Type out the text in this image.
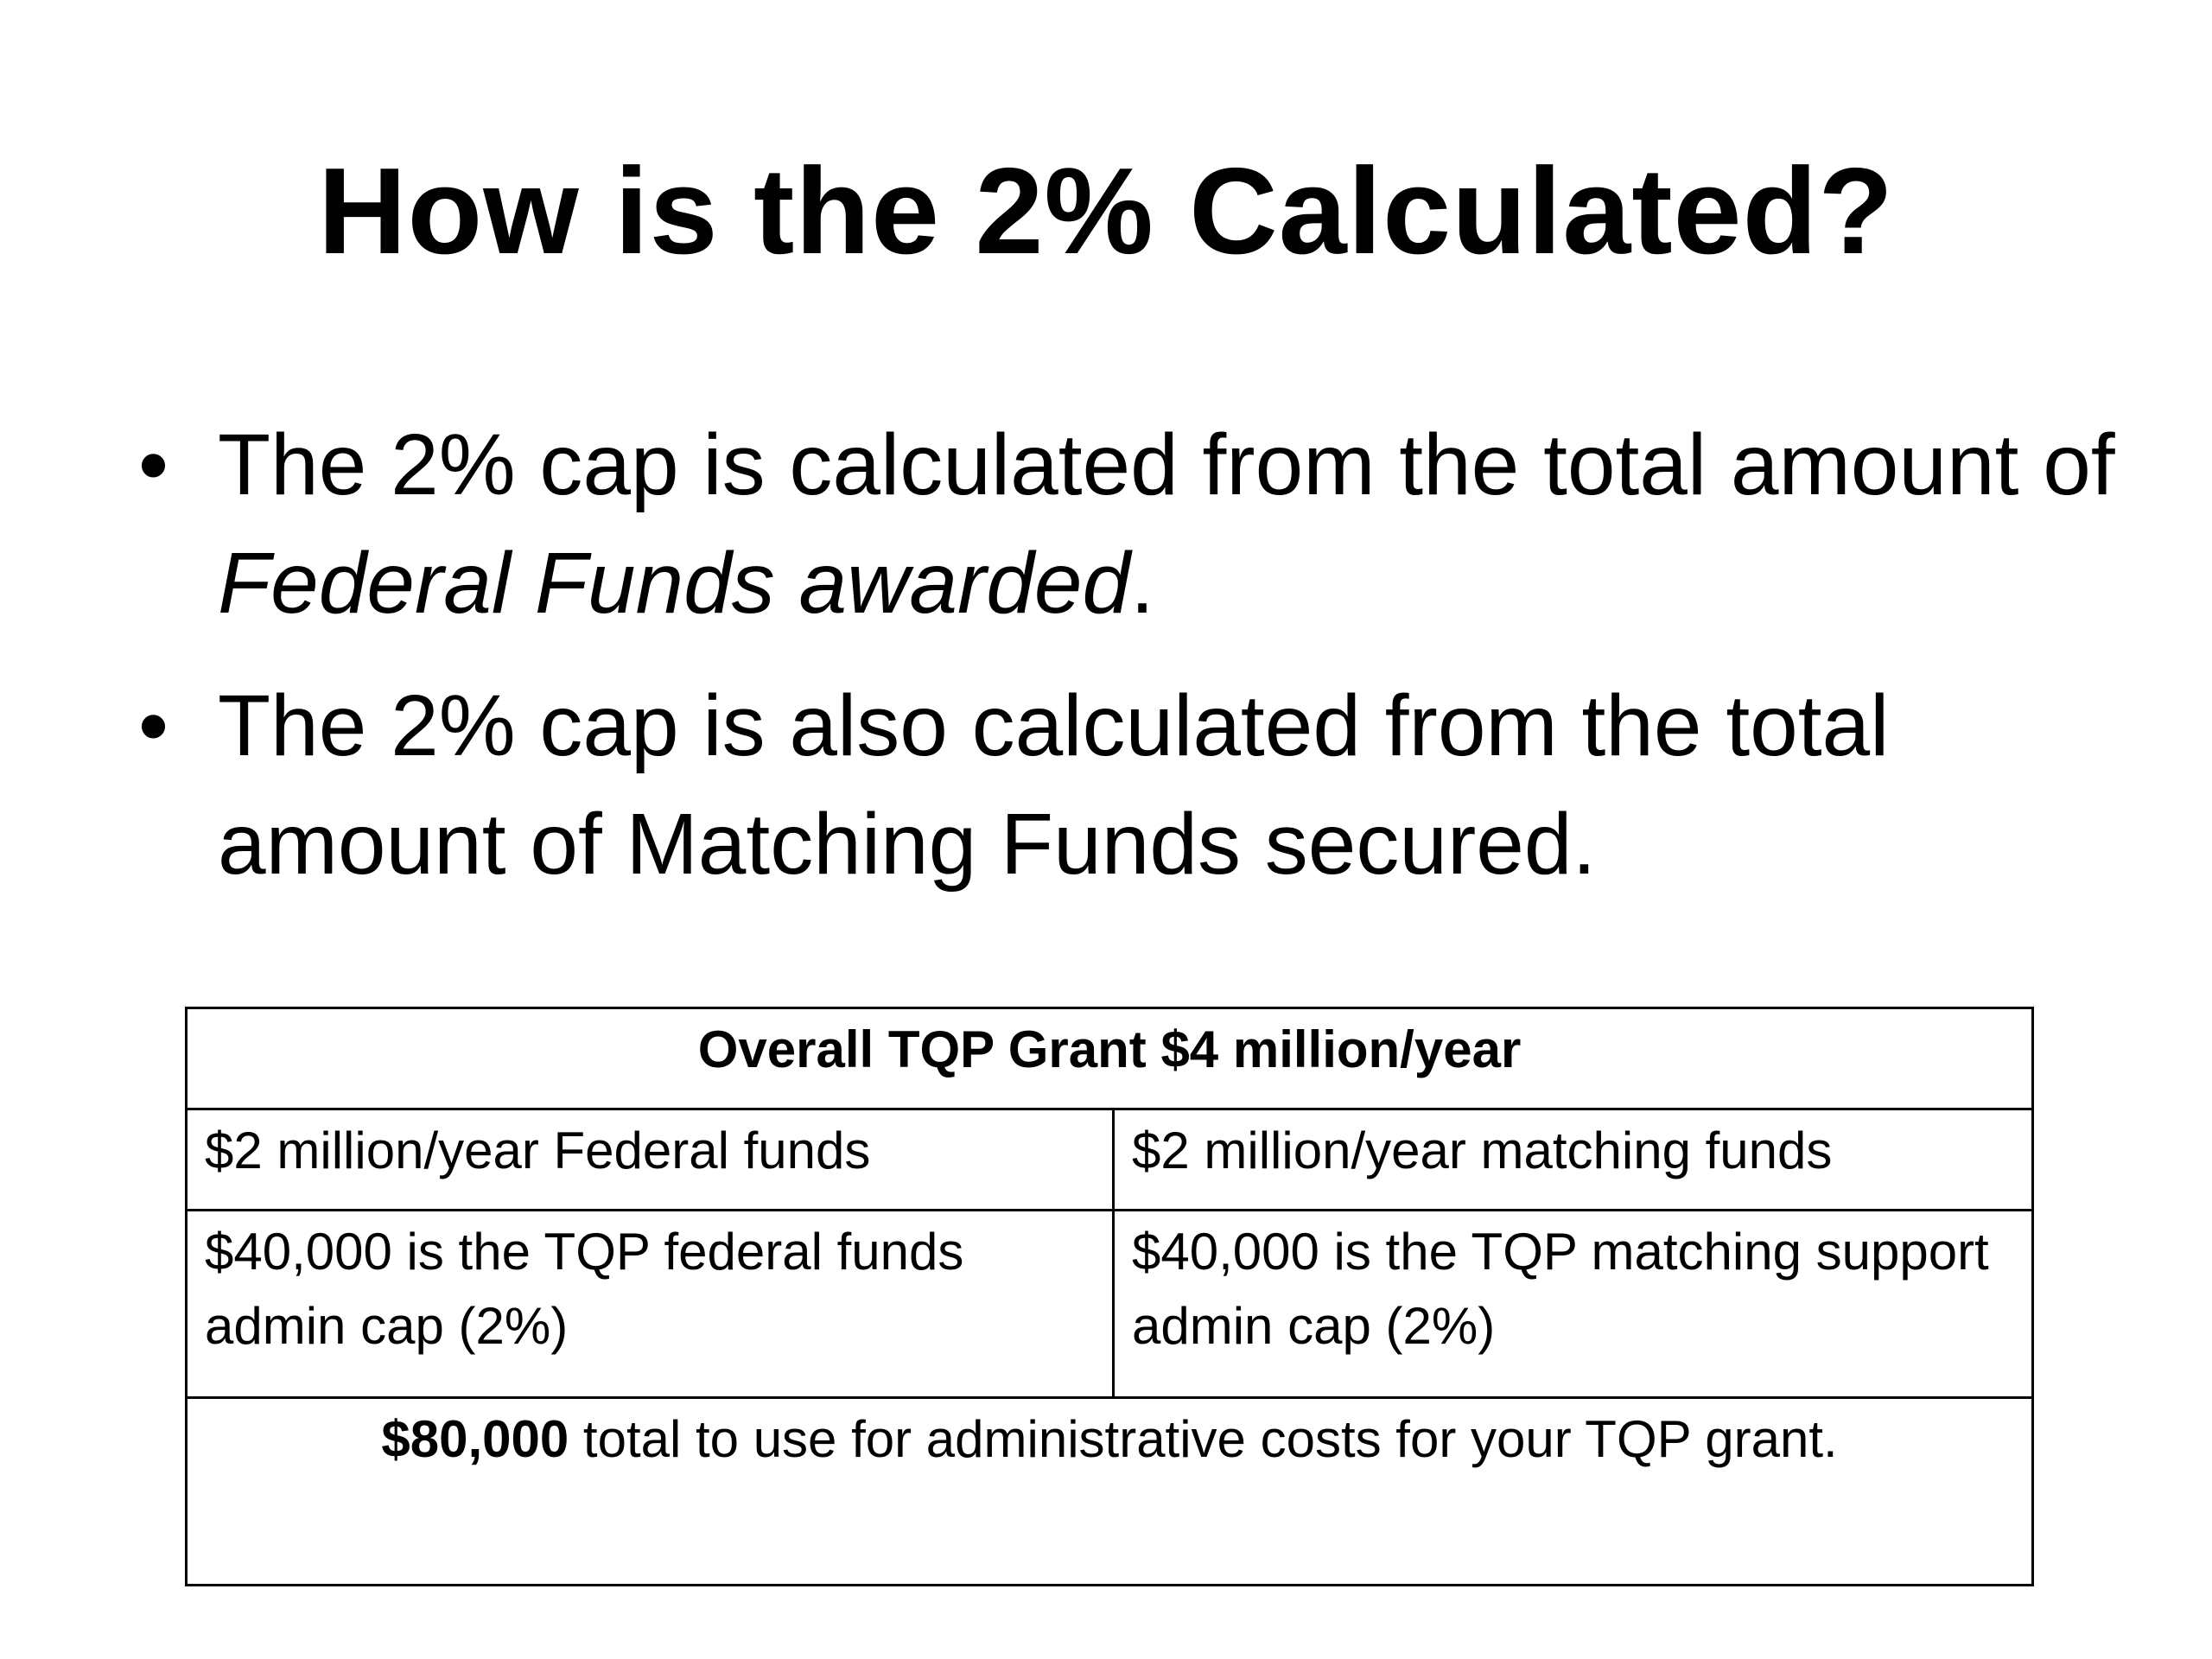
How is the 2% Calculated?
• The 2% cap is calculated from the total amount of Federal Funds awarded.
• The 2% cap is also calculated from the total amount of Matching Funds secured.
Overall TQP Grant $4 million/year	
$2 million/year Federal funds	$2 million/year matching funds
$40,000 is the TQP federal funds admin cap (2%)	$40,000 is the TQP matching support admin cap (2%)
$80,000 total to use for administrative costs for your TQP grant.	
